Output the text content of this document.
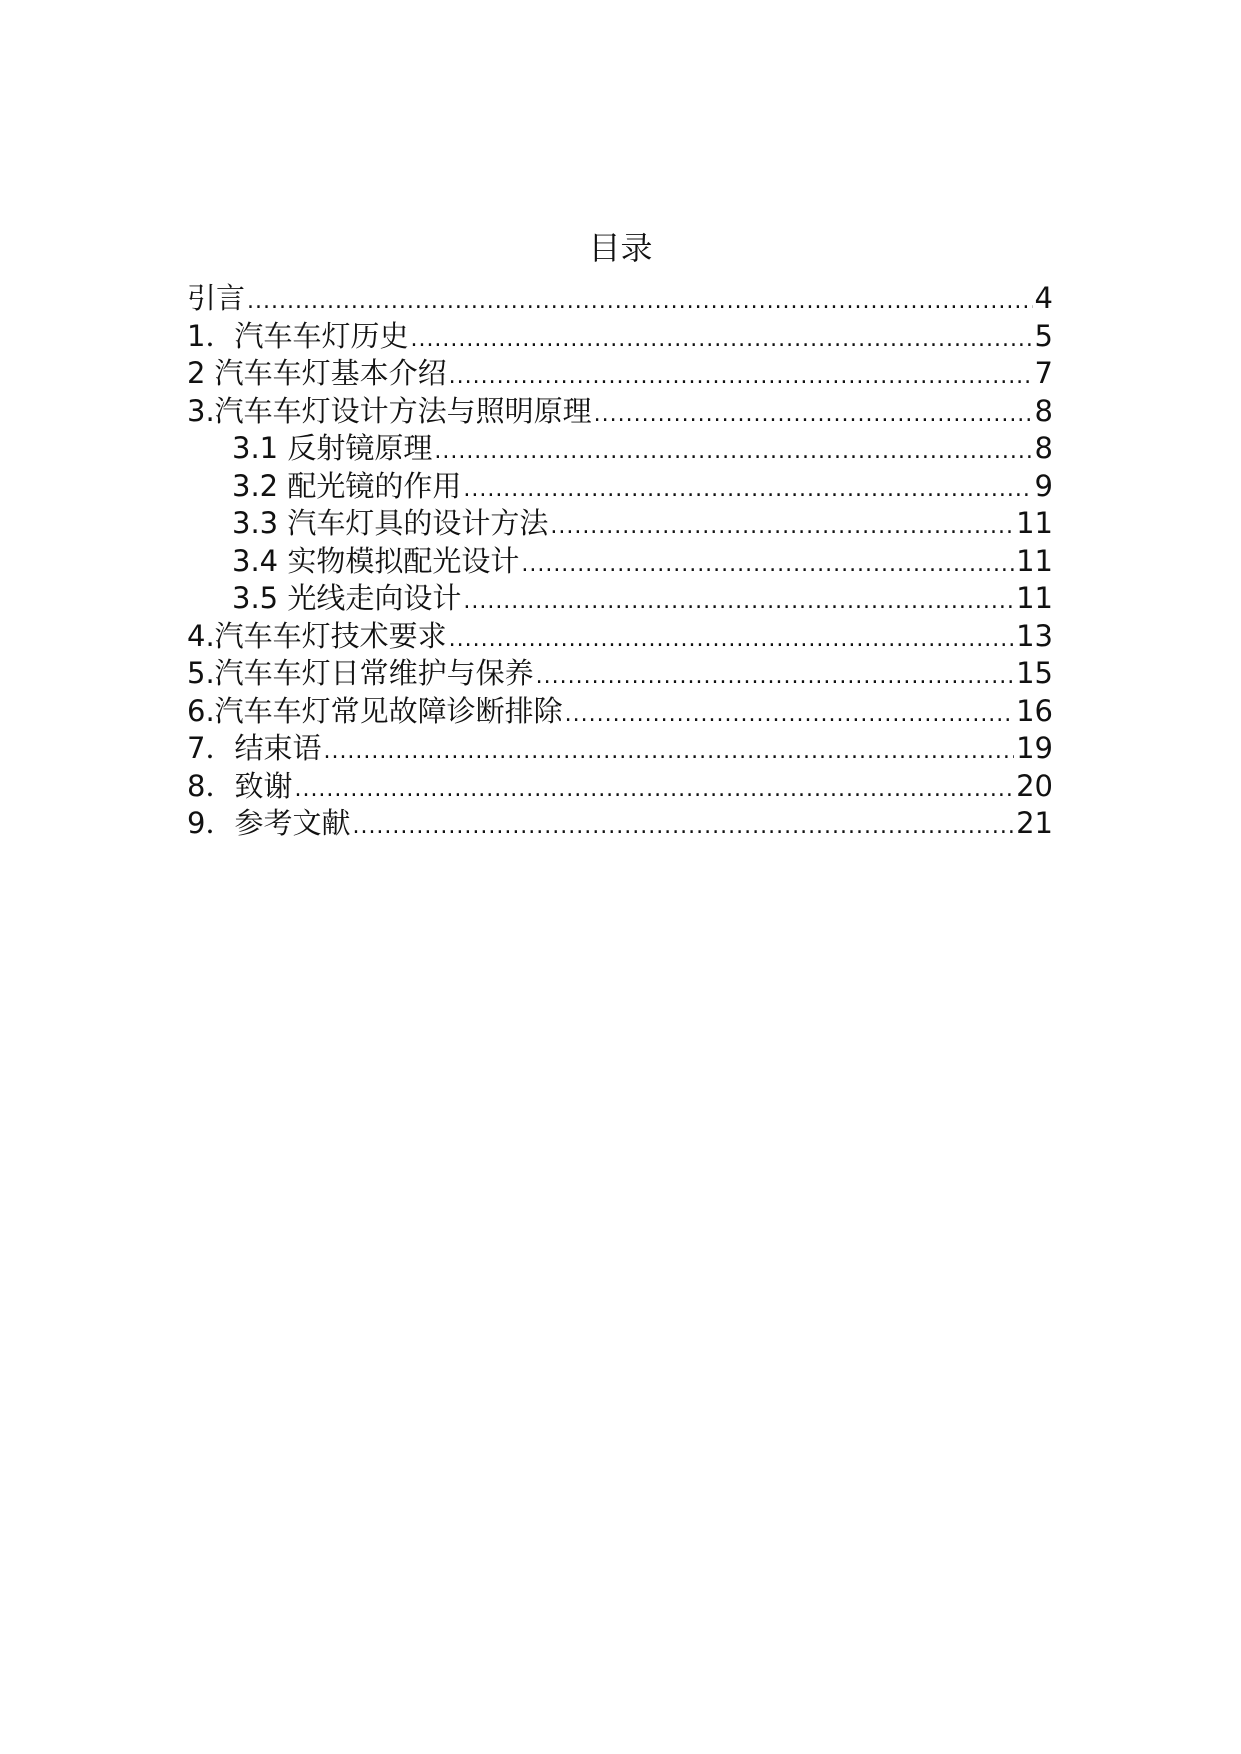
目录
引言 .....	4
1．汽车车灯历史 .....	5
2 汽车车灯基本介绍 .....	7
3.汽车车灯设计方法与照明原理 .....	8
3.1 反射镜原理 .....	8
3.2 配光镜的作用 .....	9
3.3 汽车灯具的设计方法 .....	11
3.4 实物模拟配光设计 .....	11
3.5 光线走向设计 .....	11
4.汽车车灯技术要求 .....	13
5.汽车车灯日常维护与保养 .....	15
6.汽车车灯常见故障诊断排除 .....	16
7．结束语 .....	19
8．致谢 .....	20
9．参考文献 .....	21
